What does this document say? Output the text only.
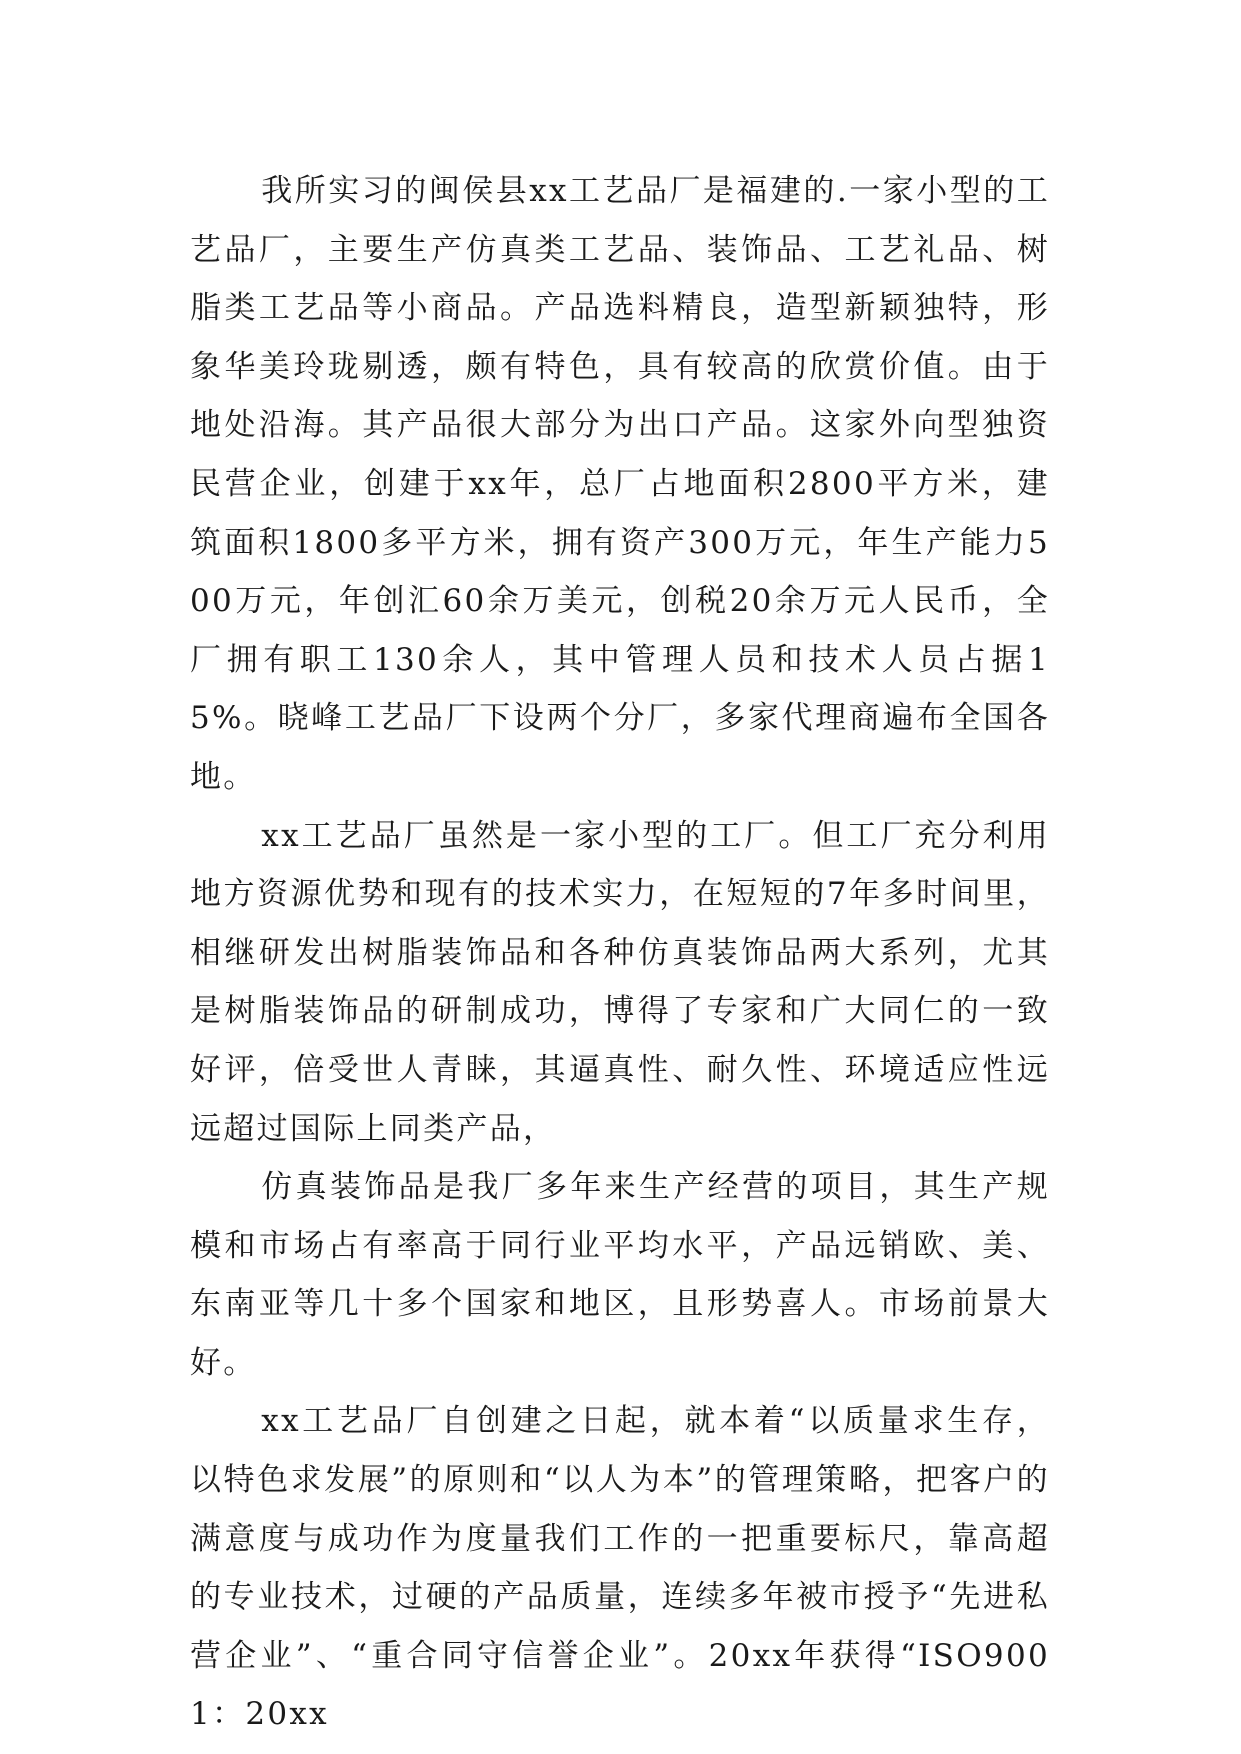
我所实习的闽侯县xx工艺品厂是福建的.一家小型的工艺品厂，主要生产仿真类工艺品、装饰品、工艺礼品、树脂类工艺品等小商品。产品选料精良，造型新颖独特，形象华美玲珑剔透，颇有特色，具有较高的欣赏价值。由于地处沿海。其产品很大部分为出口产品。这家外向型独资民营企业，创建于xx年，总厂占地面积2800平方米，建筑面积1800多平方米，拥有资产300万元，年生产能力500万元，年创汇60余万美元，创税20余万元人民币，全厂拥有职工130余人，其中管理人员和技术人员占据15%。晓峰工艺品厂下设两个分厂，多家代理商遍布全国各地。

xx工艺品厂虽然是一家小型的工厂。但工厂充分利用地方资源优势和现有的技术实力，在短短的7年多时间里，相继研发出树脂装饰品和各种仿真装饰品两大系列，尤其是树脂装饰品的研制成功，博得了专家和广大同仁的一致好评，倍受世人青睐，其逼真性、耐久性、环境适应性远远超过国际上同类产品，

仿真装饰品是我厂多年来生产经营的项目，其生产规模和市场占有率高于同行业平均水平，产品远销欧、美、东南亚等几十多个国家和地区，且形势喜人。市场前景大好。

xx工艺品厂自创建之日起，就本着“以质量求生存，以特色求发展”的原则和“以人为本”的管理策略，把客户的满意度与成功作为度量我们工作的一把重要标尺，靠高超的专业技术，过硬的产品质量，连续多年被市授予“先进私营企业”、“重合同守信誉企业”。20xx年获得“ISO9001：20xx
